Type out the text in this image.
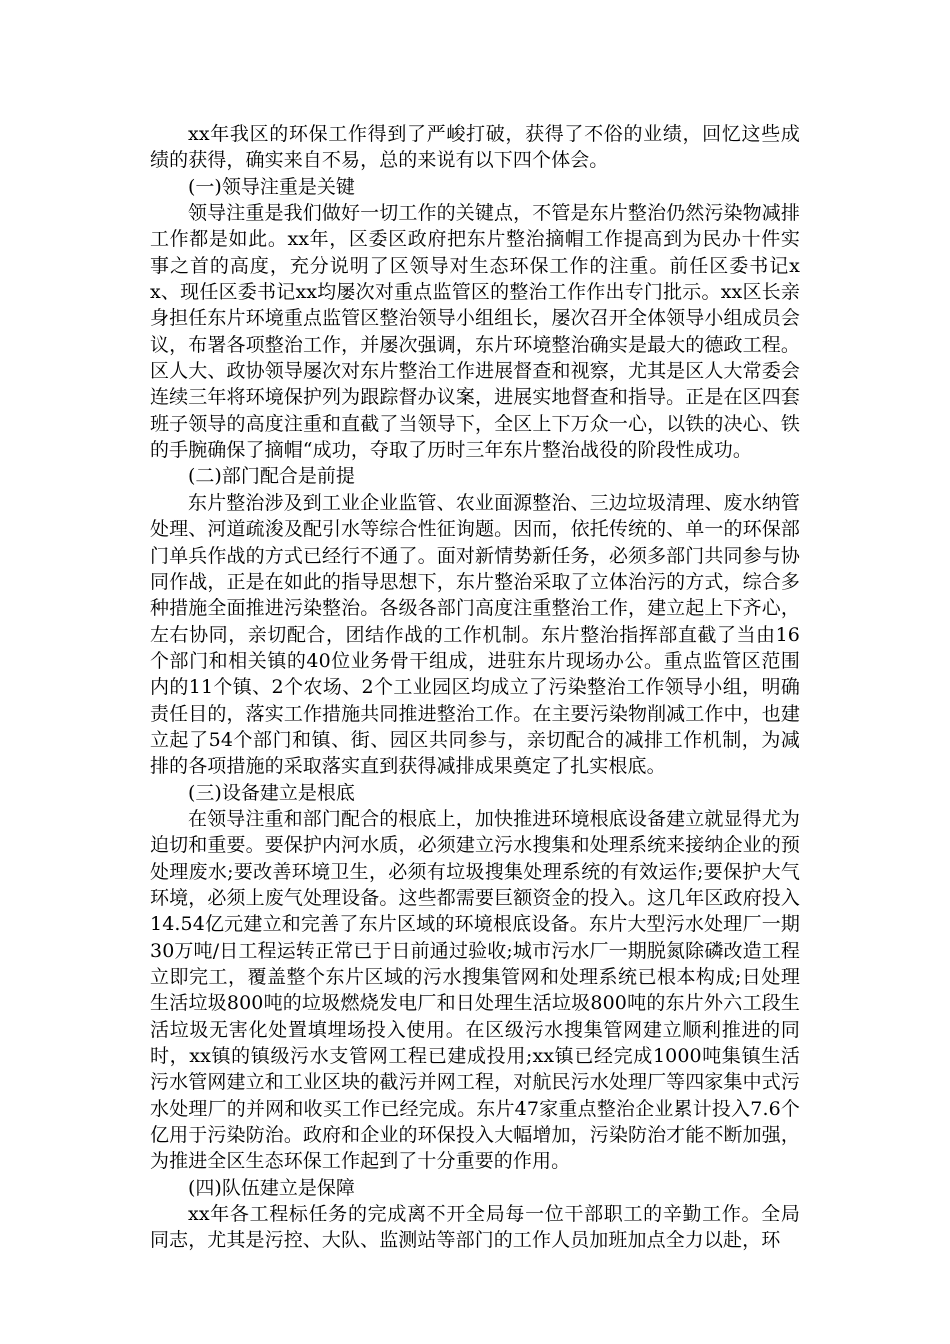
xx年我区的环保工作得到了严峻打破，获得了不俗的业绩，回忆这些成绩的获得，确实来自不易，总的来说有以下四个体会。

(一)领导注重是关键

领导注重是我们做好一切工作的关键点，不管是东片整治仍然污染物减排工作都是如此。xx年，区委区政府把东片整治摘帽工作提高到为民办十件实事之首的高度，充分说明了区领导对生态环保工作的注重。前任区委书记xx、现任区委书记xx均屡次对重点监管区的整治工作作出专门批示。xx区长亲身担任东片环境重点监管区整治领导小组组长，屡次召开全体领导小组成员会议，布署各项整治工作，并屡次强调，东片环境整治确实是最大的德政工程。区人大、政协领导屡次对东片整治工作进展督查和视察，尤其是区人大常委会连续三年将环境保护列为跟踪督办议案，进展实地督查和指导。正是在区四套班子领导的高度注重和直截了当领导下，全区上下万众一心，以铁的决心、铁的手腕确保了摘帽“成功，夺取了历时三年东片整治战役的阶段性成功。

(二)部门配合是前提

东片整治涉及到工业企业监管、农业面源整治、三边垃圾清理、废水纳管处理、河道疏浚及配引水等综合性征询题。因而，依托传统的、单一的环保部门单兵作战的方式已经行不通了。面对新情势新任务，必须多部门共同参与协同作战，正是在如此的指导思想下，东片整治采取了立体治污的方式，综合多种措施全面推进污染整治。各级各部门高度注重整治工作，建立起上下齐心，左右协同，亲切配合，团结作战的工作机制。东片整治指挥部直截了当由16个部门和相关镇的40位业务骨干组成，进驻东片现场办公。重点监管区范围内的11个镇、2个农场、2个工业园区均成立了污染整治工作领导小组，明确责任目的，落实工作措施共同推进整治工作。在主要污染物削减工作中，也建立起了54个部门和镇、街、园区共同参与，亲切配合的减排工作机制，为减排的各项措施的采取落实直到获得减排成果奠定了扎实根底。

(三)设备建立是根底

在领导注重和部门配合的根底上，加快推进环境根底设备建立就显得尤为迫切和重要。要保护内河水质，必须建立污水搜集和处理系统来接纳企业的预处理废水;要改善环境卫生，必须有垃圾搜集处理系统的有效运作;要保护大气环境，必须上废气处理设备。这些都需要巨额资金的投入。这几年区政府投入14.54亿元建立和完善了东片区域的环境根底设备。东片大型污水处理厂一期30万吨/日工程运转正常已于日前通过验收;城市污水厂一期脱氮除磷改造工程立即完工，覆盖整个东片区域的污水搜集管网和处理系统已根本构成;日处理生活垃圾800吨的垃圾燃烧发电厂和日处理生活垃圾800吨的东片外六工段生活垃圾无害化处置填埋场投入使用。在区级污水搜集管网建立顺利推进的同时，xx镇的镇级污水支管网工程已建成投用;xx镇已经完成1000吨集镇生活污水管网建立和工业区块的截污并网工程，对航民污水处理厂等四家集中式污水处理厂的并网和收买工作已经完成。东片47家重点整治企业累计投入7.6个亿用于污染防治。政府和企业的环保投入大幅增加，污染防治才能不断加强，为推进全区生态环保工作起到了十分重要的作用。

(四)队伍建立是保障

xx年各工程标任务的完成离不开全局每一位干部职工的辛勤工作。全局同志，尤其是污控、大队、监测站等部门的工作人员加班加点全力以赴，环
